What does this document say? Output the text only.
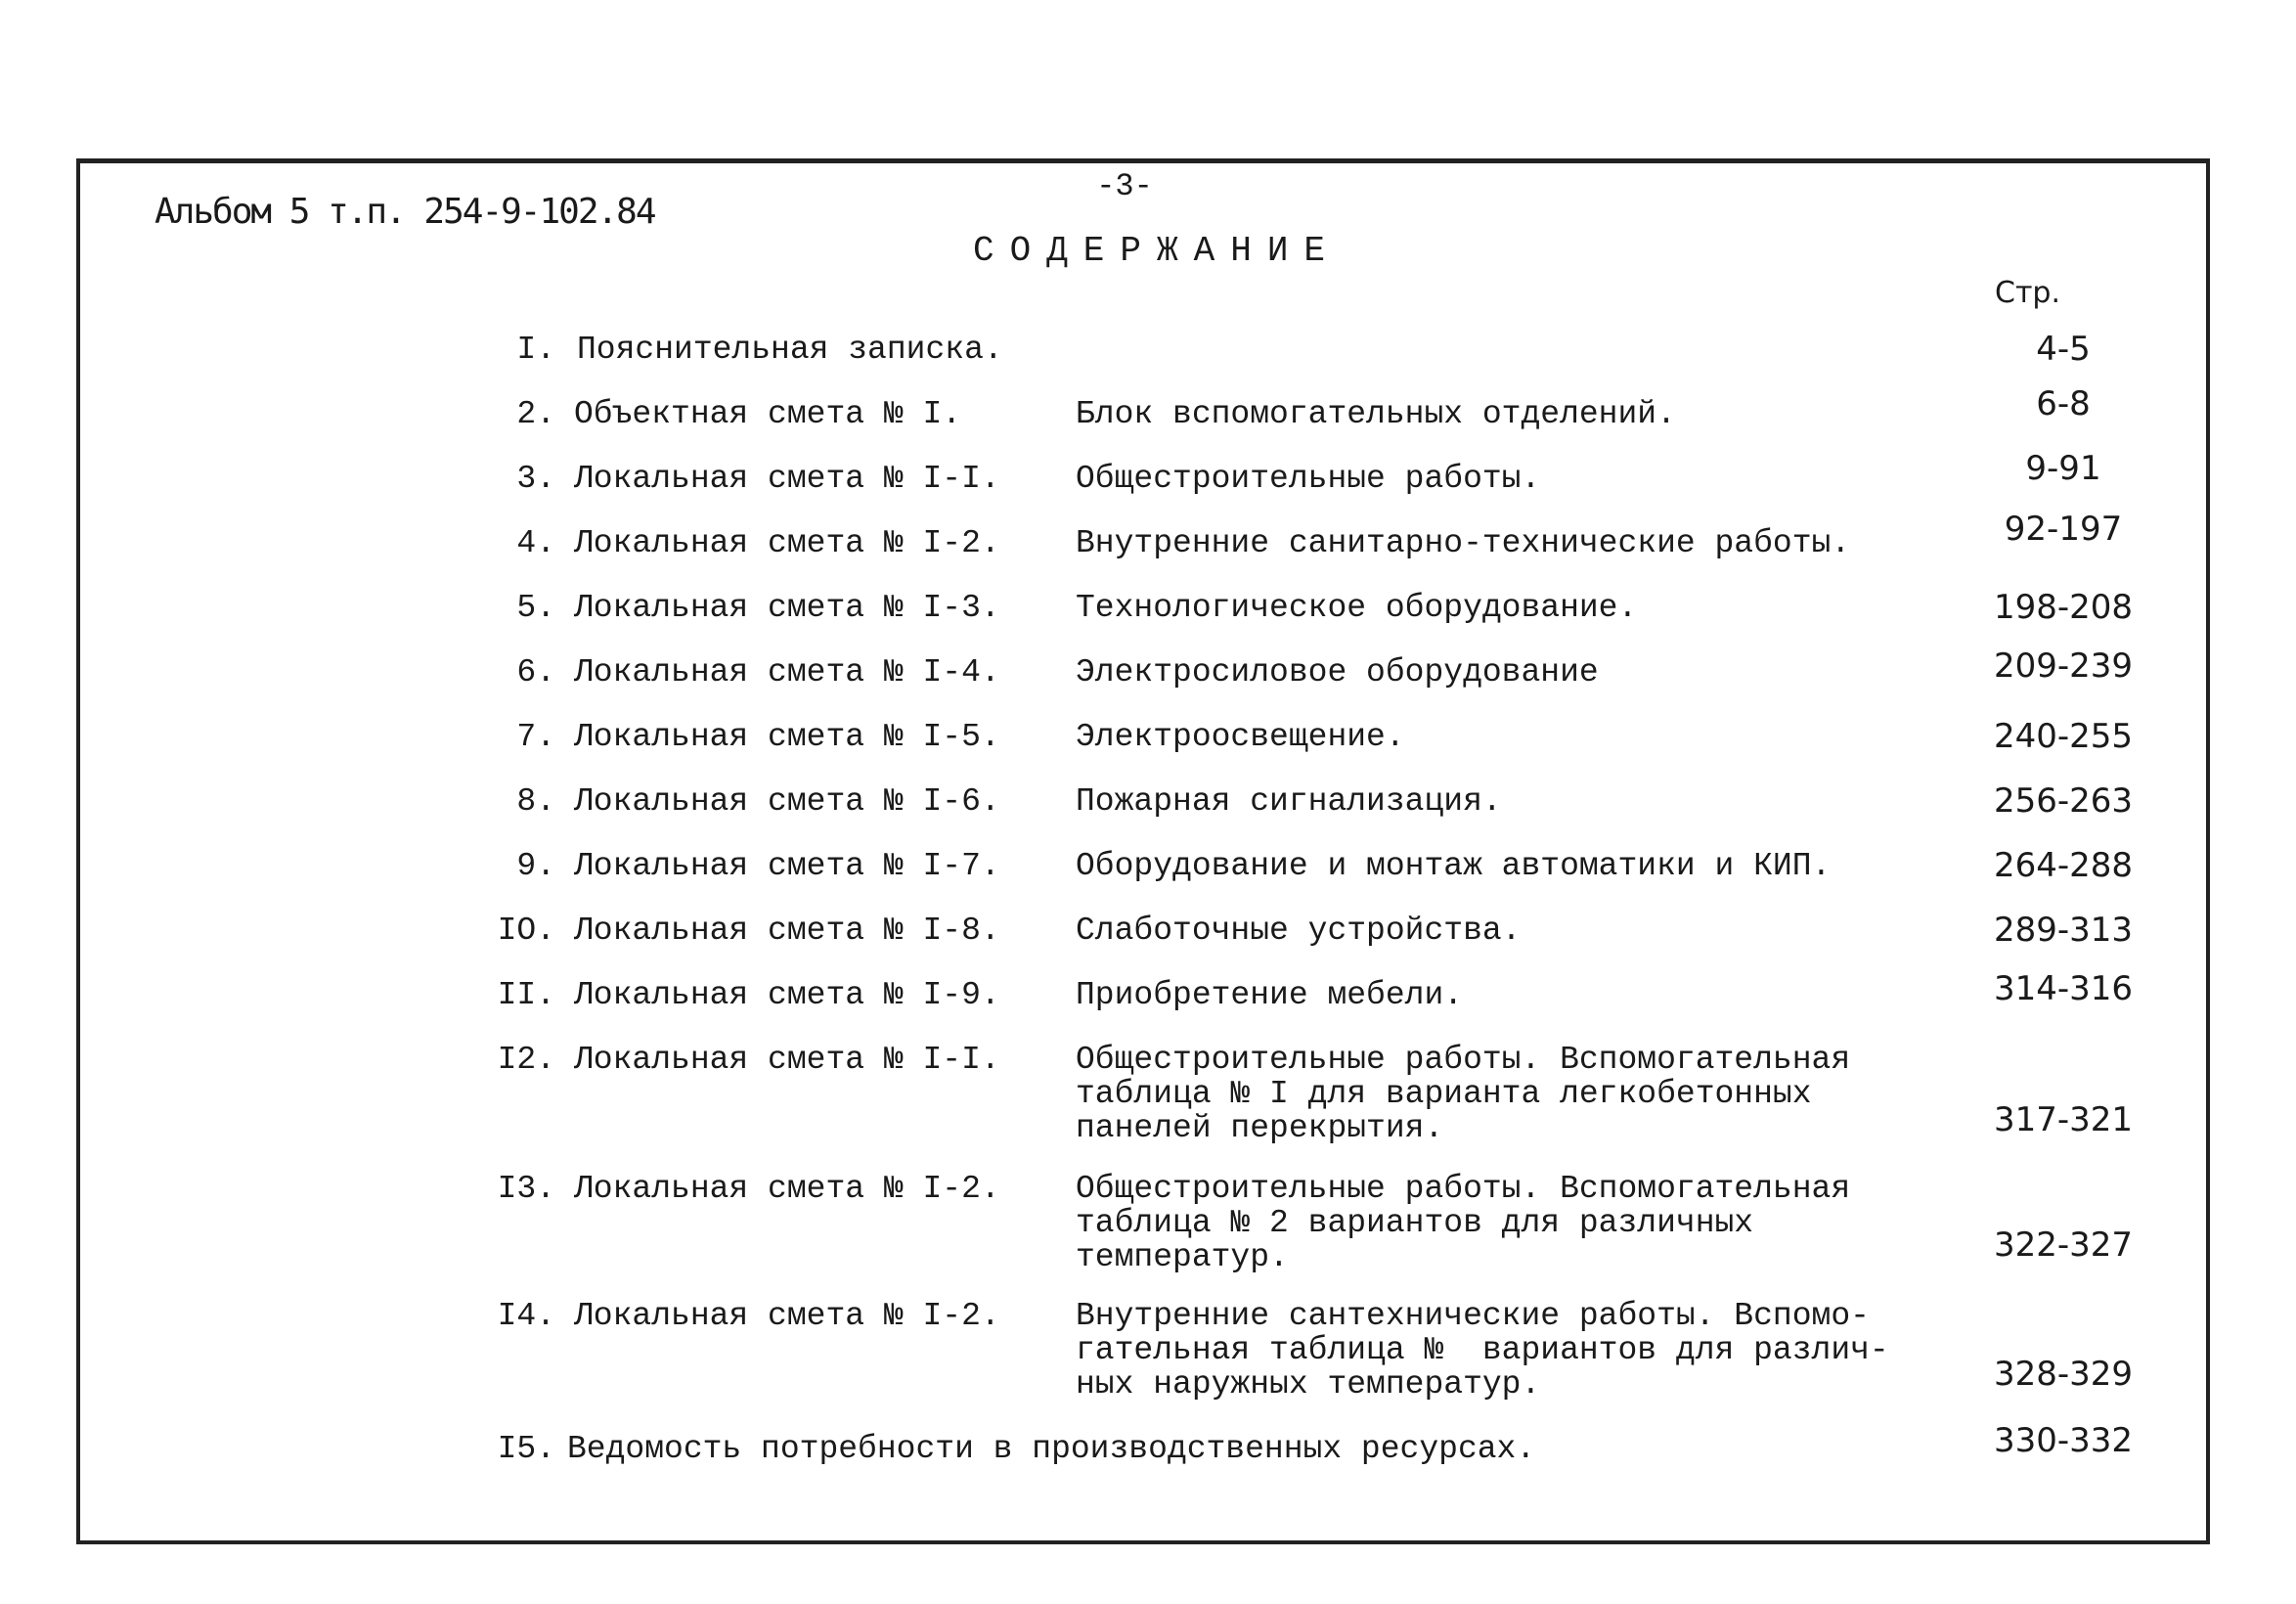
Альбом 5 т.п. 254-9-102.84
-3-
СОДЕРЖАНИЕ
Стр.
I. Пояснительная записка.	4-5
2. Объектная смета № I.	Блок вспомогательных отделений.	6-8
3. Локальная смета № I-I. Общестроительные работы.	9-91
4. Локальная смета № I-2. Внутренние санитарно-технические работы.	92-197
5. Локальная смета № I-3. Технологическое оборудование.	198-208
6. Локальная смета № I-4. Электросиловое оборудование	209-239
7. Локальная смета № I-5. Электроосвещение.	240-255
8. Локальная смета № I-6. Пожарная сигнализация.	256-263
9. Локальная смета № I-7. Оборудование и монтаж автоматики и КИП.	264-288
IO. Локальная смета № I-8. Слаботочные устройства.	289-313
II. Локальная смета № I-9. Приобретение мебели.	314-316
I2. Локальная смета № I-I. Общестроительные работы. Вспомогательная
таблица № I для варианта легкобетонных
панелей перекрытия.	317-321
I3. Локальная смета № I-2. Общестроительные работы. Вспомогательная
таблица № 2 вариантов для различных
температур.	322-327
I4. Локальная смета № I-2. Внутренние сантехнические работы. Вспомо-
гательная таблица №  вариантов для различ-
ных наружных температур.	328-329
I5. Ведомость потребности в производственных ресурсах.	330-332
